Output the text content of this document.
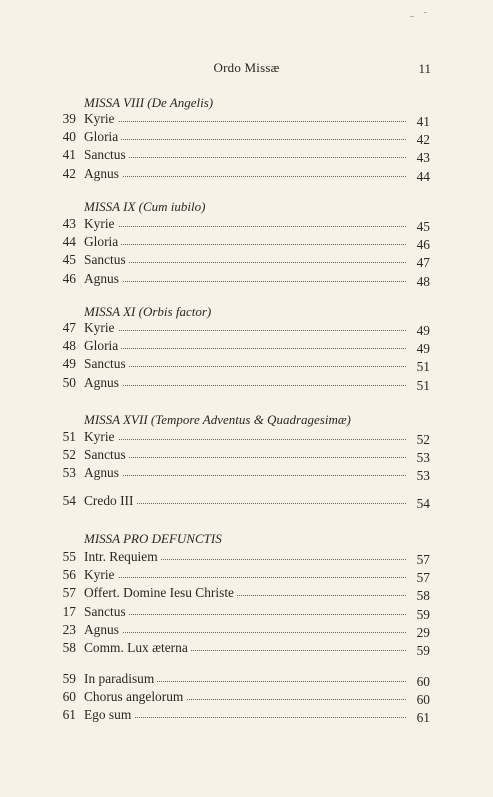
Ordo Missæ	11
MISSA VIII (De Angelis)
39 Kyrie	41
40 Gloria	42
41 Sanctus	43
42 Agnus	44
MISSA IX (Cum iubilo)
43 Kyrie	45
44 Gloria	46
45 Sanctus	47
46 Agnus	48
MISSA XI (Orbis factor)
47 Kyrie	49
48 Gloria	49
49 Sanctus	51
50 Agnus	51
MISSA XVII (Tempore Adventus & Quadragesimæ)
51 Kyrie	52
52 Sanctus	53
53 Agnus	53
54 Credo III	54
MISSA PRO DEFUNCTIS
55 Intr. Requiem	57
56 Kyrie	57
57 Offert. Domine Iesu Christe	58
17 Sanctus	59
23 Agnus	29
58 Comm. Lux æterna	59
59 In paradisum	60
60 Chorus angelorum	60
61 Ego sum	61
